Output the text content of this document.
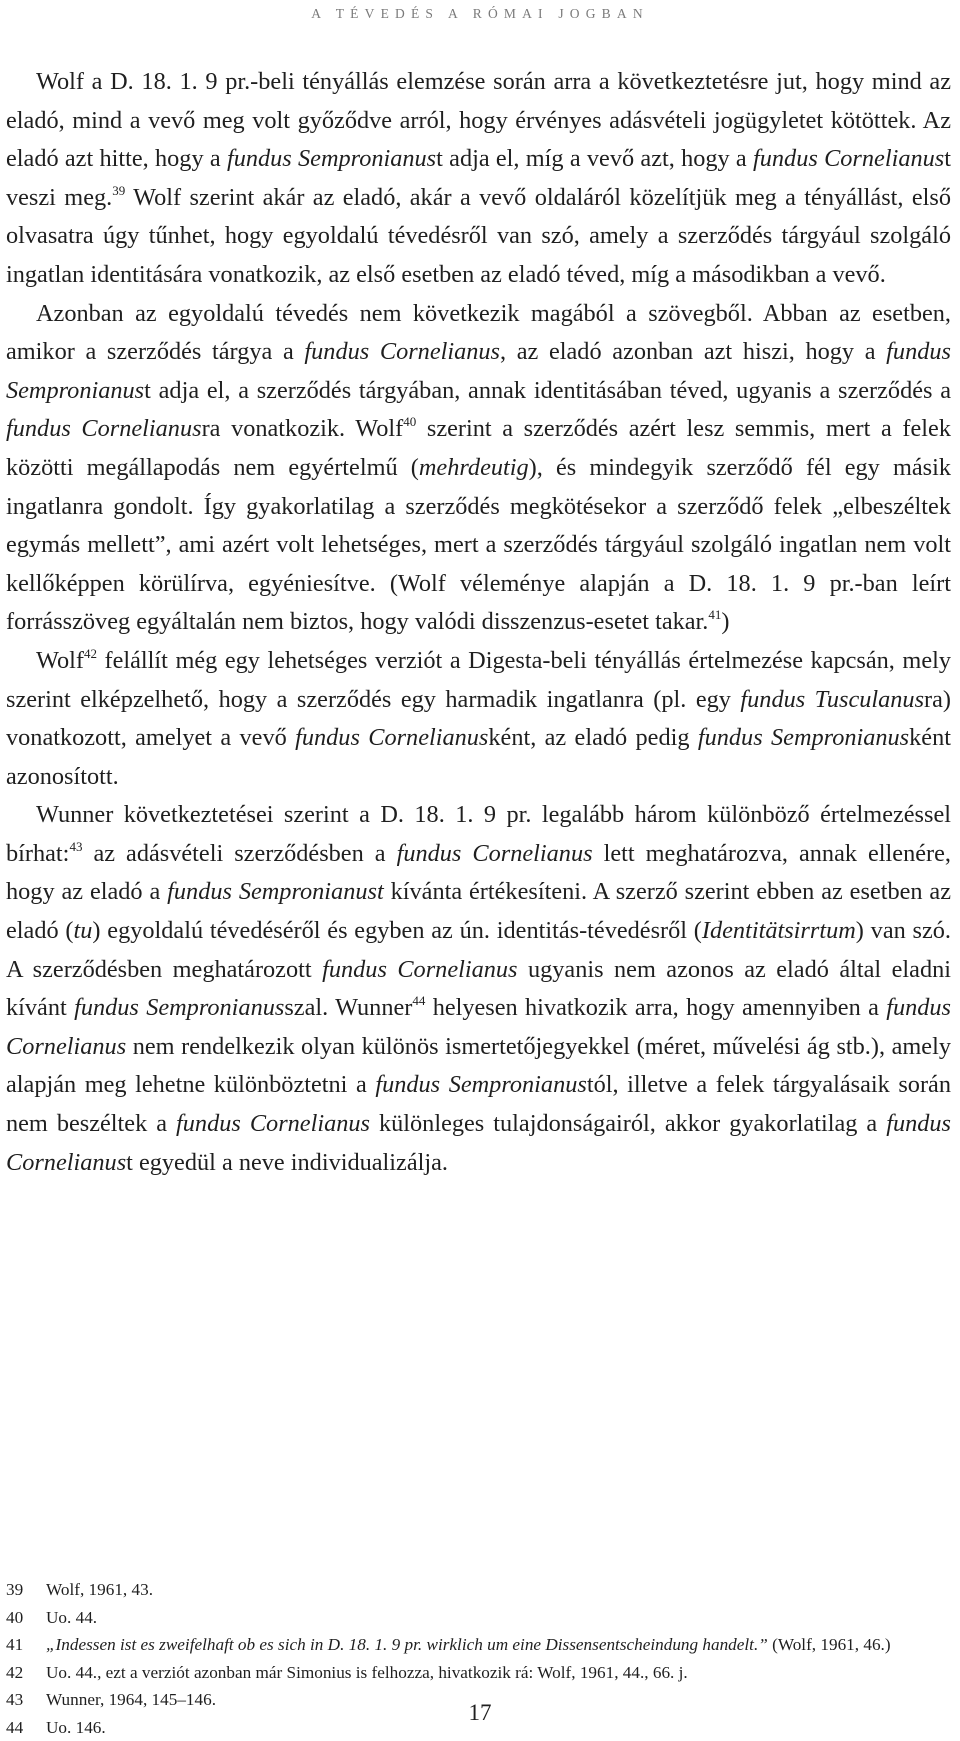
A TÉVEDÉS A RÓMAI JOGBAN

Wolf a D. 18. 1. 9 pr.-beli tényállás elemzése során arra a következtetésre jut, hogy mind az eladó, mind a vevő meg volt győződve arról, hogy érvényes adásvételi jogügyletet kötöttek. Az eladó azt hitte, hogy a fundus Sempronianust adja el, míg a vevő azt, hogy a fundus Cornelianust veszi meg.$^{39}$ Wolf szerint akár az eladó, akár a vevő oldaláról közelítjük meg a tényállást, első olvasatra úgy tűnhet, hogy egyoldalú tévedésről van szó, amely a szerződés tárgyául szolgáló ingatlan identitására vonatkozik, az első esetben az eladó téved, míg a másodikban a vevő.

Azonban az egyoldalú tévedés nem következik magából a szövegből. Abban az esetben, amikor a szerződés tárgya a fundus Cornelianus, az eladó azonban azt hiszi, hogy a fundus Sempronianust adja el, a szerződés tárgyában, annak identitásában téved, ugyanis a szerződés a fundus Cornelianusra vonatkozik. Wolf$^{40}$ szerint a szerződés azért lesz semmis, mert a felek közötti megállapodás nem egyértelmű (mehrdeutig), és mindegyik szerződő fél egy másik ingatlanra gondolt. Így gyakorlatilag a szerződés megkötésekor a szerződő felek „elbeszéltek egymás mellett”, ami azért volt lehetséges, mert a szerződés tárgyául szolgáló ingatlan nem volt kellőképpen körülírva, egyéniesítve. (Wolf véleménye alapján a D. 18. 1. 9 pr.-ban leírt forrásszöveg egyáltalán nem biztos, hogy valódi disszenzus-esetet takar.$^{41}$)

Wolf$^{42}$ felállít még egy lehetséges verziót a Digesta-beli tényállás értelmezése kapcsán, mely szerint elképzelhető, hogy a szerződés egy harmadik ingatlanra (pl. egy fundus Tusculanusra) vonatkozott, amelyet a vevő fundus Cornelianusként, az eladó pedig fundus Sempronianusként azonosított.

Wunner következtetései szerint a D. 18. 1. 9 pr. legalább három különböző értelmezéssel bírhat:$^{43}$ az adásvételi szerződésben a fundus Cornelianus lett meghatározva, annak ellenére, hogy az eladó a fundus Sempronianust kívánta értékesíteni. A szerző szerint ebben az esetben az eladó (tu) egyoldalú tévedéséről és egyben az ún. identitás-tévedésről (Identitätsirrtum) van szó. A szerződésben meghatározott fundus Cornelianus ugyanis nem azonos az eladó által eladni kívánt fundus Sempronianusszal. Wunner$^{44}$ helyesen hivatkozik arra, hogy amennyiben a fundus Cornelianus nem rendelkezik olyan különös ismertetőjegyekkel (méret, művelési ág stb.), amely alapján meg lehetne különböztetni a fundus Sempronianustól, illetve a felek tárgyalásaik során nem beszéltek a fundus Cornelianus különleges tulajdonságairól, akkor gyakorlatilag a fundus Cornelianust egyedül a neve individualizálja.

39	Wolf, 1961, 43.
40	Uo. 44.
41 „Indessen ist es zweifelhaft ob es sich in D. 18. 1. 9 pr. wirklich um eine Dissensentscheindung handelt.” (Wolf, 1961, 46.)
42	Uo. 44., ezt a verziót azonban már Simonius is felhozza, hivatkozik rá: Wolf, 1961, 44., 66. j.
43	Wunner, 1964, 145–146.
44	Uo. 146.
17
